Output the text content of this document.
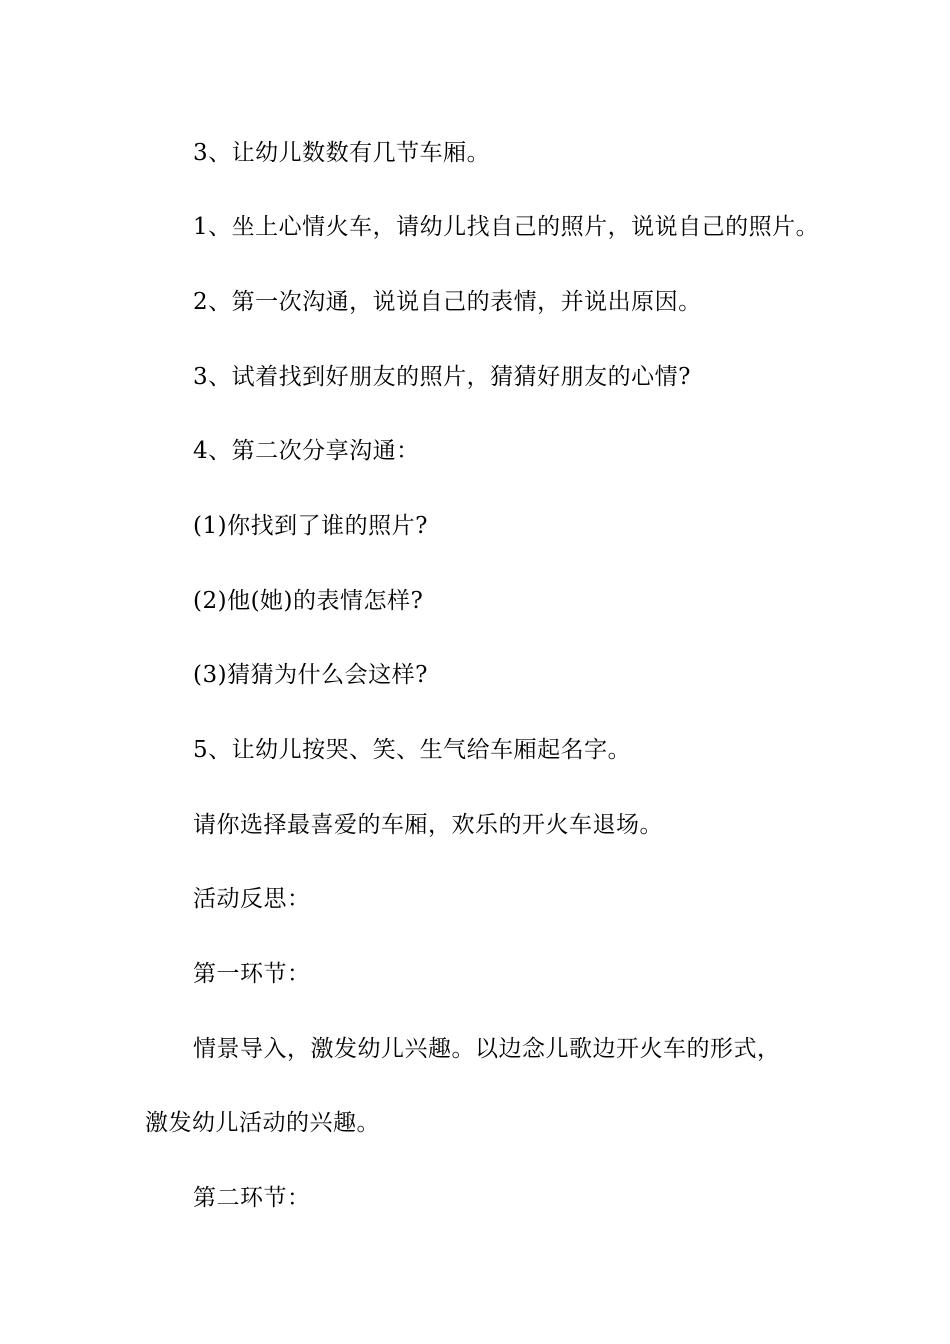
3、让幼儿数数有几节车厢。
1、坐上心情火车，请幼儿找自己的照片，说说自己的照片。
2、第一次沟通，说说自己的表情，并说出原因。
3、试着找到好朋友的照片，猜猜好朋友的心情?
4、第二次分享沟通：
(1)你找到了谁的照片?
(2)他(她)的表情怎样?
(3)猜猜为什么会这样?
5、让幼儿按哭、笑、生气给车厢起名字。
请你选择最喜爱的车厢，欢乐的开火车退场。
活动反思：
第一环节：
情景导入，激发幼儿兴趣。以边念儿歌边开火车的形式，
激发幼儿活动的兴趣。
第二环节：
